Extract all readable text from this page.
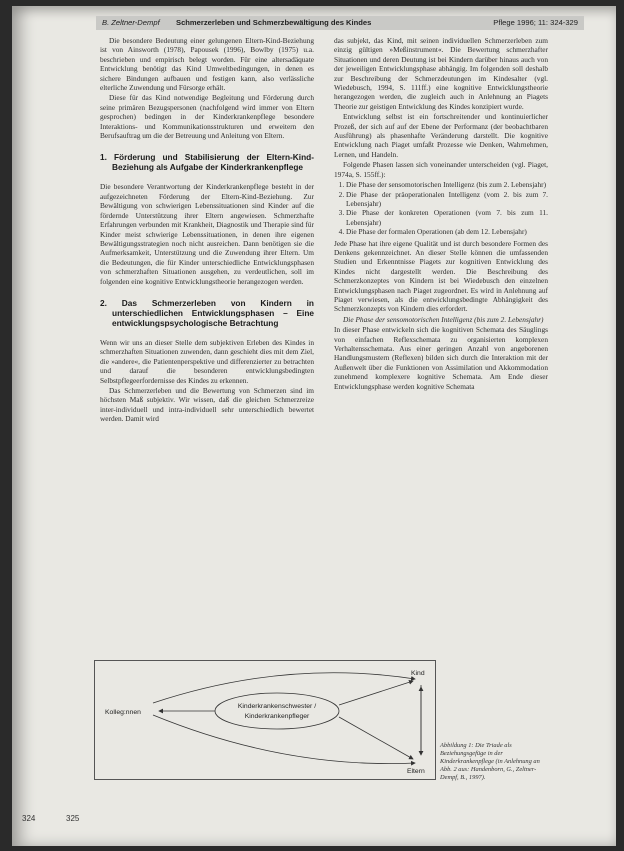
B. Zeltner-Dempf Schmerzerleben und Schmerzbewältigung des Kindes	Pflege 1996; 11: 324-329

Die besondere Bedeutung einer gelungenen Eltern-Kind-Beziehung ist von Ainsworth (1978), Papousek (1996), Bowlby (1975) u.a. beschrieben und empirisch belegt worden. Für eine altersadäquate Entwicklung benötigt das Kind Umweltbedingungen, in denen es sichere Bindungen aufbauen und festigen kann, also verlässliche elterliche Zuwendung und Fürsorge erhält.

Diese für das Kind notwendige Begleitung und Förderung durch seine primären Bezugspersonen (nachfolgend wird immer von Eltern gesprochen) bedingen in der Kinderkrankenpflege besondere Interaktions- und Kommunikationsstrukturen und erweitern den Berufsauftrag um die der Betreuung und Anleitung von Eltern.

1. Förderung und Stabilisierung der Eltern-Kind-Beziehung als Aufgabe der Kinderkrankenpflege

Die besondere Verantwortung der Kinderkrankenpflege besteht in der aufgezeichneten Förderung der Eltern-Kind-Beziehung. Zur Bewältigung von schwierigen Lebenssituationen sind Kinder auf die fördernde Unterstützung ihrer Eltern angewiesen. Schmerzhafte Erfahrungen verbunden mit Krankheit, Diagnostik und Therapie sind für Kinder meist schwierige Lebenssituationen, in denen ihre eigenen Bewältigungsstrategien noch nicht ausreichen. Dann benötigen sie die Aufmerksamkeit, Unterstützung und die Zuwendung ihrer Eltern. Um die Bedeutungen, die für Kinder unterschiedliche Entwicklungsphasen von schmerzhaften Situationen ausgehen, zu verdeutlichen, soll im folgenden eine kognitive Entwicklungstheorie herangezogen werden.

2. Das Schmerzerleben von Kindern in unterschiedlichen Entwicklungsphasen – Eine entwicklungspsychologische Betrachtung

Wenn wir uns an dieser Stelle dem subjektiven Erleben des Kindes in schmerzhaften Situationen zuwenden, dann geschieht dies mit dem Ziel, die »andere«, die Patientenperspektive und differenzierter zu betrachten und darauf die besonderen entwicklungsbedingten Selbstpflegeerfordernisse des Kindes zu erkennen.

Das Schmerzerleben und die Bewertung von Schmerzen sind im höchsten Maß subjektiv. Wir wissen, daß die gleichen Schmerzreize inter-individuell und intra-individuell sehr unterschiedlich bewertet werden. Damit wird

das subjekt, das Kind, mit seinen individuellen Schmerzerleben zum einzig gültigen »Meßinstrument«. Die Bewertung schmerzhafter Situationen und deren Deutung ist bei Kindern darüber hinaus auch von der jeweiligen Entwicklungsphase abhängig. Im folgenden soll deshalb zur Beschreibung der Schmerzdeutungen im Kindesalter (vgl. Wiedebusch, 1994, S. 111ff.) eine kognitive Entwicklungstheorie herangezogen werden, die zugleich auch in Anlehnung an Piagets Theorie zur geistigen Entwicklung des Kindes konzipiert wurde.

Entwicklung selbst ist ein fortschreitender und kontinuierlicher Prozeß, der sich auf auf der Ebene der Performanz (der beobachtbaren Ausführung) als phasenhafte Veränderung darstellt. Die kognitive Entwicklung nach Piaget umfaßt Prozesse wie Denken, Wahrnehmen, Lernen, und Handeln.

Folgende Phasen lassen sich voneinander unterscheiden (vgl. Piaget, 1974a, S. 155ff.):

1. Die Phase der sensomotorischen Intelligenz (bis zum 2. Lebensjahr)
2. Die Phase der präoperationalen Intelligenz (vom 2. bis zum 7. Lebensjahr)
3. Die Phase der konkreten Operationen (vom 7. bis zum 11. Lebensjahr)
4. Die Phase der formalen Operationen (ab dem 12. Lebensjahr)

Jede Phase hat ihre eigene Qualität und ist durch besondere Formen des Denkens gekennzeichnet. An dieser Stelle können die umfassenden Studien und Erkenntnisse Piagets zur kognitiven Entwicklung des Kindes nicht dargestellt werden. Die Beschreibung des Schmerzkonzeptes von Kindern ist bei Wiedebusch den einzelnen Entwicklungsphasen nach Piaget zugeordnet. Es wird in Anlehnung auf Piaget verwiesen, als die entwicklungsbedingte Abhängigkeit des Schmerzkonzepts von Kindern dies erfordert.

Die Phase der sensomotorischen Intelligenz (bis zum 2. Lebensjahr)

In dieser Phase entwickeln sich die kognitiven Schemata des Säuglings von einfachen Reflexschemata zu organisierten komplexen Verhaltensschemata. Aus einer geringen Anzahl von angeborenen Handlungsmustern (Reflexen) bilden sich durch die Interaktion mit der Außenwelt über die Funktionen von Assimilation und Akkommodation zunehmend komplexere kognitive Schemata. Am Ende dieser Entwicklungsphase werden kognitive Schemata

Kind
Kolleg:nnen
Eltern
Kinderkrankenschwester /
Kinderkrankenpfleger
Abbildung 1: Die Triade als Beziehungsgefüge in der Kinderkrankenpflege (in Anlehnung an Abb. 2 aus: Handenborn, G., Zeltner-Dempf, B., 1997).
324	325
